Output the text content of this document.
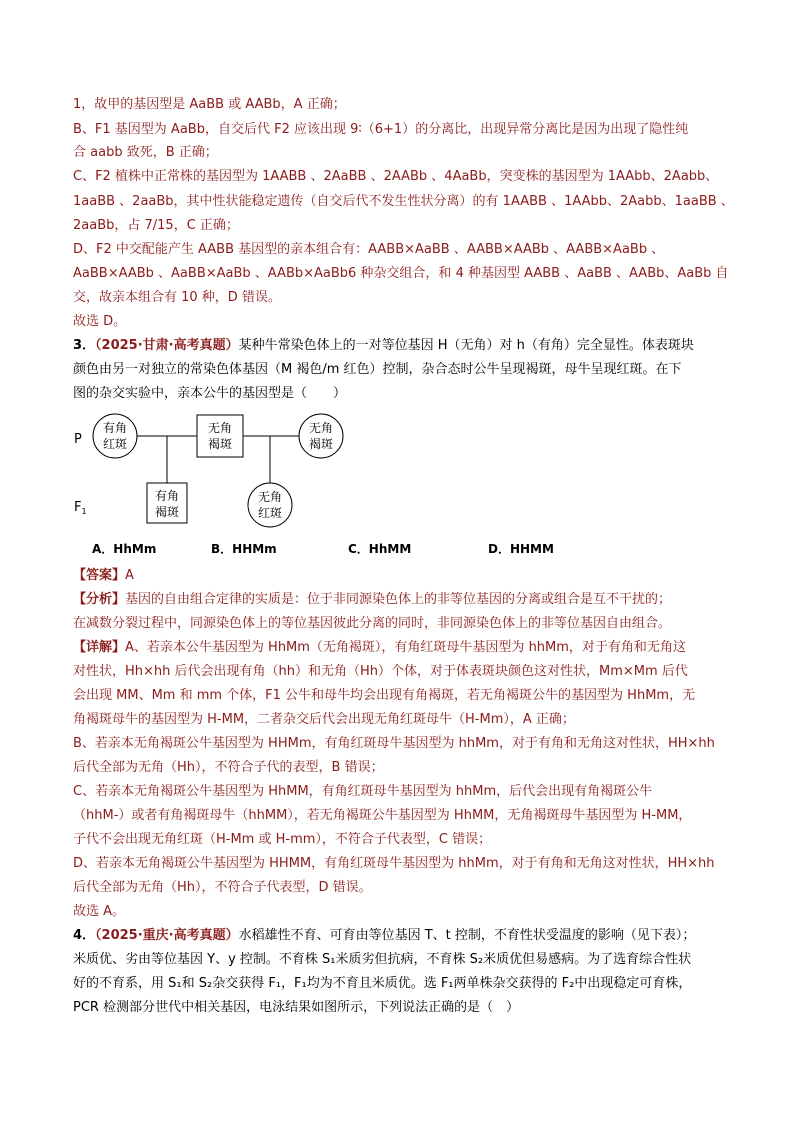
1，故甲的基因型是 AaBB 或 AABb，A 正确；
B、F1 基因型为 AaBb，自交后代 F2 应该出现 9∶（6+1）的分离比，出现异常分离比是因为出现了隐性纯
合 aabb 致死，B 正确；
C、F2 植株中正常株的基因型为 1AABB 、2AaBB 、2AABb 、4AaBb，突变株的基因型为 1AAbb、2Aabb、
1aaBB 、2aaBb，其中性状能稳定遗传（自交后代不发生性状分离）的有 1AABB 、1AAbb、2Aabb、1aaBB 、
2aaBb，占 7/15，C 正确；
D、F2 中交配能产生 AABB 基因型的亲本组合有：AABB×AaBB 、AABB×AABb 、AABB×AaBb 、
AaBB×AABb 、AaBB×AaBb 、AABb×AaBb6 种杂交组合，和 4 种基因型 AABB 、AaBB 、AABb、AaBb 自
交，故亲本组合有 10 种，D 错误。
故选 D。
3．（2025·甘肃·高考真题）某种牛常染色体上的一对等位基因 H（无角）对 h（有角）完全显性。体表斑块
颜色由另一对独立的常染色体基因（M 褐色/m 红色）控制，杂合态时公牛呈现褐斑，母牛呈现红斑。在下
图的杂交实验中，亲本公牛的基因型是（　　）
P
$F_1$
有角
红斑
无角
褐斑
无角
褐斑
有角
褐斑
无角
红斑
A．HhMm	B．HHMm	C．HhMM	D．HHMM
【答案】A
【分析】基因的自由组合定律的实质是：位于非同源染色体上的非等位基因的分离或组合是互不干扰的；
在减数分裂过程中，同源染色体上的等位基因彼此分离的同时，非同源染色体上的非等位基因自由组合。
【详解】A、若亲本公牛基因型为 HhMm（无角褐斑），有角红斑母牛基因型为 hhMm，对于有角和无角这
对性状，Hh×hh 后代会出现有角（hh）和无角（Hh）个体，对于体表斑块颜色这对性状，Mm×Mm 后代
会出现 MM、Mm 和 mm 个体，F1 公牛和母牛均会出现有角褐斑，若无角褐斑公牛的基因型为 HhMm，无
角褐斑母牛的基因型为 H-MM，二者杂交后代会出现无角红斑母牛（H-Mm），A 正确；
B、若亲本无角褐斑公牛基因型为 HHMm，有角红斑母牛基因型为 hhMm，对于有角和无角这对性状，HH×hh
后代全部为无角（Hh），不符合子代的表型，B 错误；
C、若亲本无角褐斑公牛基因型为 HhMM，有角红斑母牛基因型为 hhMm，后代会出现有角褐斑公牛
（hhM-）或者有角褐斑母牛（hhMM），若无角褐斑公牛基因型为 HhMM，无角褐斑母牛基因型为 H-MM，
子代不会出现无角红斑（H-Mm 或 H-mm），不符合子代表型，C 错误；
D、若亲本无角褐斑公牛基因型为 HHMM，有角红斑母牛基因型为 hhMm，对于有角和无角这对性状，HH×hh
后代全部为无角（Hh），不符合子代表型，D 错误。
故选 A。
4．（2025·重庆·高考真题）水稻雄性不育、可育由等位基因 T、t 控制，不育性状受温度的影响（见下表）；
米质优、劣由等位基因 Y、y 控制。不育株 S₁米质劣但抗病，不育株 S₂米质优但易感病。为了选育综合性状
好的不育系，用 S₁和 S₂杂交获得 F₁，F₁均为不育且米质优。选 F₁两单株杂交获得的 F₂中出现稳定可育株，
PCR 检测部分世代中相关基因，电泳结果如图所示，下列说法正确的是（　）
